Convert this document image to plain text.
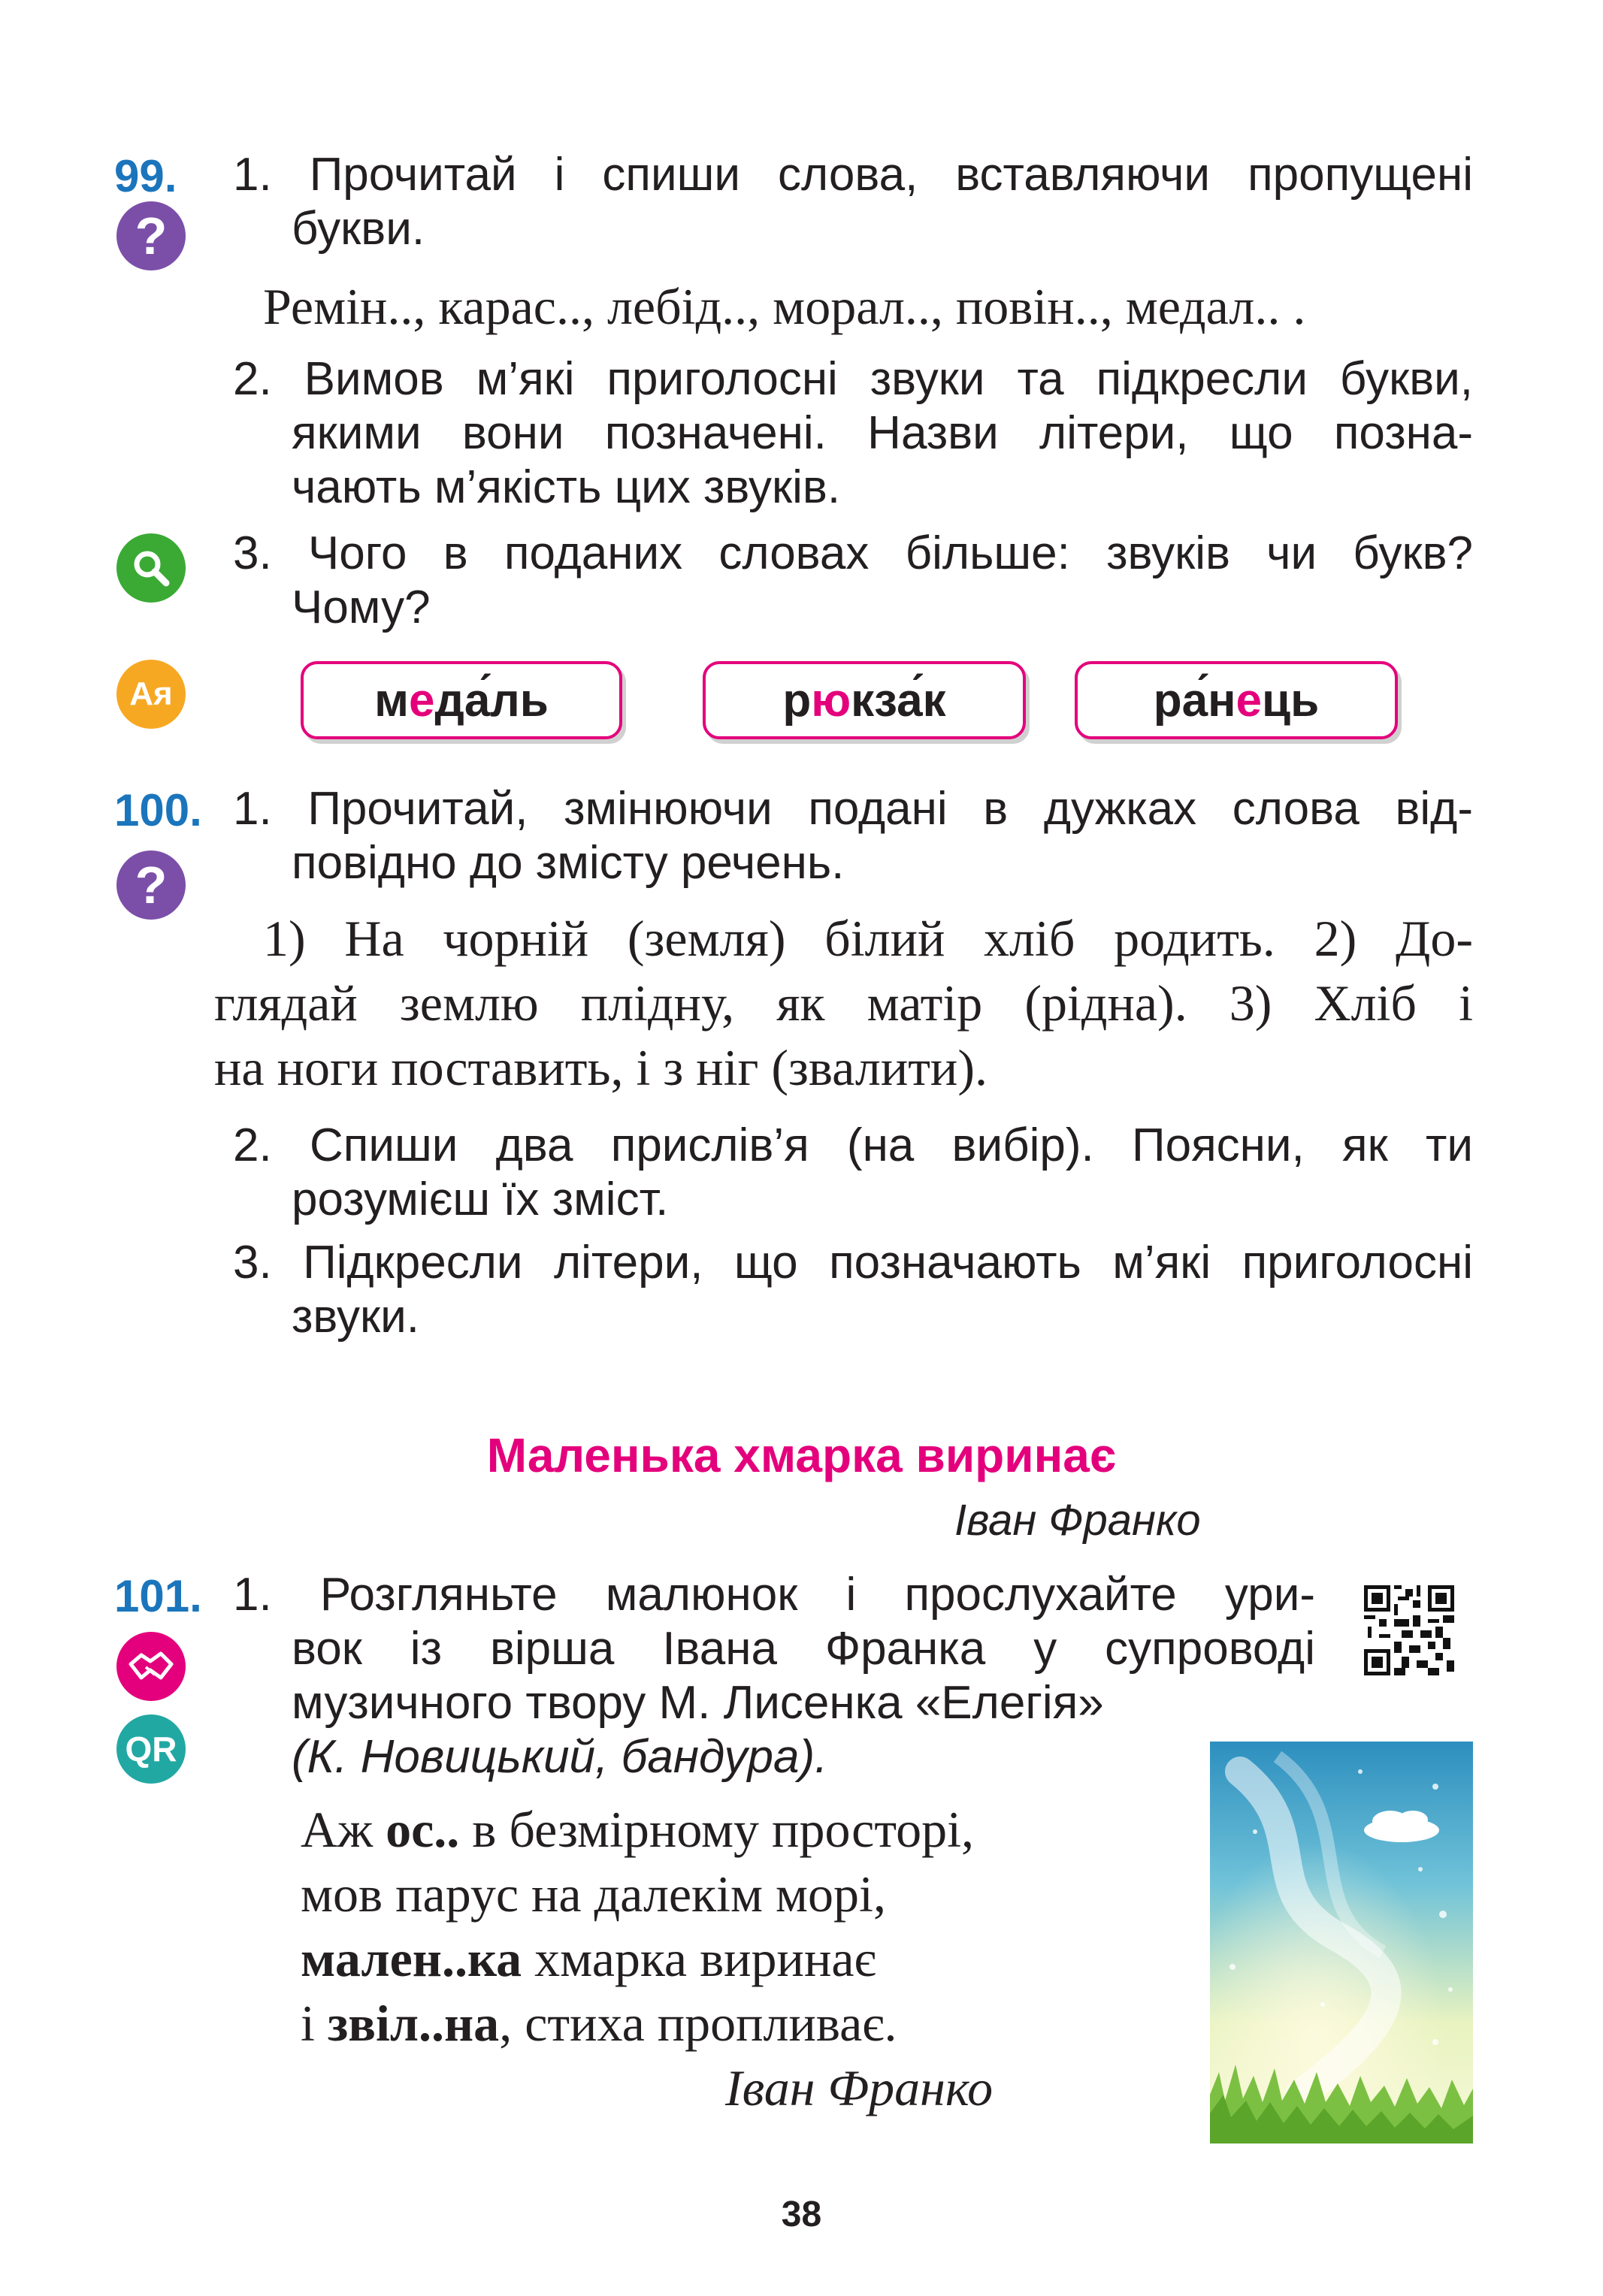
99.
?
1. Прочитай і спиши слова, вставляючи пропущені
букви.
Ремін.., карас.., лебід.., морал.., повін.., медал.. .
2. Вимов м’які приголосні звуки та підкресли букви,
якими вони позначені. Назви літери, що позна-
чають м’якість цих звуків.
3. Чого в поданих словах більше: звуків чи букв?
Чому?
Ая	м е да ль	р ю кза к	ра н е ць
100.
?
1. Прочитай, змінюючи подані в дужках слова від-
повідно до змісту речень.
1) На чорній (земля) білий хліб родить. 2) До-
глядай землю плідну, як матір (рідна). 3) Хліб і
на ноги поставить, і з ніг (звалити).
2. Спиши два прислів’я (на вибір). Поясни, як ти
розумієш їх зміст.
3. Підкресли літери, що позначають м’які приголосні
звуки.
Маленька хмарка виринає
Іван Франко
101.
QR
1. Розгляньте малюнок і прослухайте ури-
вок із вірша Івана Франка у супроводі
музичного твору М. Лисенка «Елегія»
(К. Новицький, бандура).
Аж ос.. в безмірному просторі,
мов парус на далекім морі,
мален..ка хмарка виринає
і звіл..на, стиха пропливає.
Іван Франко
38
